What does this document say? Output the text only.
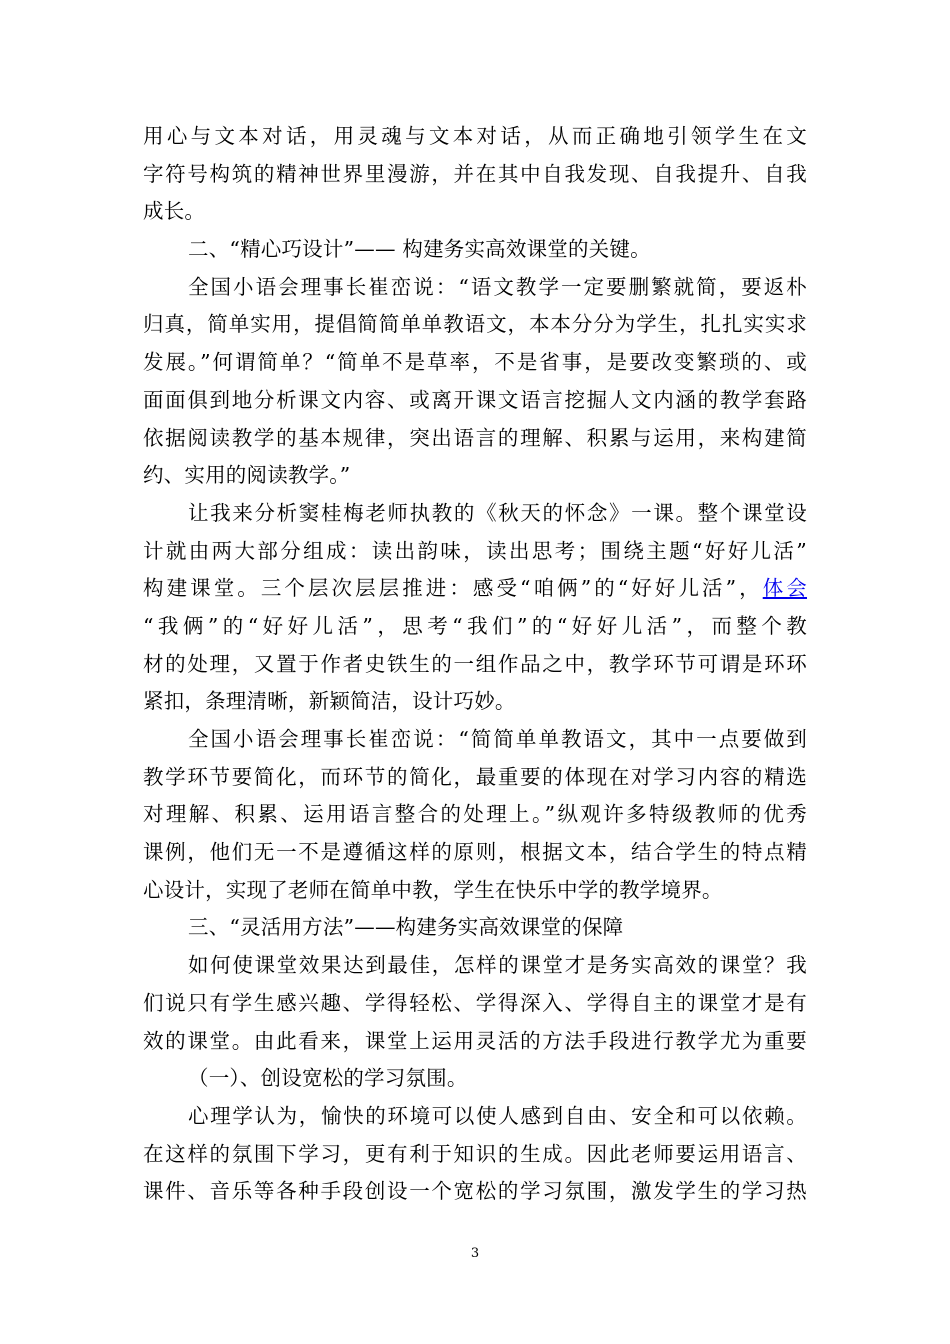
用心与文本对话，用灵魂与文本对话，从而正确地引领学生在文
字符号构筑的精神世界里漫游，并在其中自我发现、自我提升、自我
成长。
二、“精心巧设计”—— 构建务实高效课堂的关键。
全国小语会理事长崔峦说：“语文教学一定要删繁就简，要返朴
归真，简单实用，提倡简简单单教语文，本本分分为学生，扎扎实实求
发展。”何谓简单？“简单不是草率，不是省事，是要改变繁琐的、或
面面俱到地分析课文内容、或离开课文语言挖掘人文内涵的教学套路
依据阅读教学的基本规律，突出语言的理解、积累与运用，来构建简
约、实用的阅读教学。”
让我来分析窦桂梅老师执教的《秋天的怀念》一课。整个课堂设
计就由两大部分组成：读出韵味，读出思考；围绕主题“好好儿活”
构建课堂。三个层次层层推进：感受“咱俩”的“好好儿活”，体会
“我俩”的“好好儿活”，思考“我们”的“好好儿活”，而整个教
材的处理，又置于作者史铁生的一组作品之中，教学环节可谓是环环
紧扣，条理清晰，新颖简洁，设计巧妙。
全国小语会理事长崔峦说：“简简单单教语文，其中一点要做到
教学环节要简化，而环节的简化，最重要的体现在对学习内容的精选
对理解、积累、运用语言整合的处理上。”纵观许多特级教师的优秀
课例，他们无一不是遵循这样的原则，根据文本，结合学生的特点精
心设计，实现了老师在简单中教，学生在快乐中学的教学境界。
三、“灵活用方法”——构建务实高效课堂的保障
如何使课堂效果达到最佳，怎样的课堂才是务实高效的课堂？我
们说只有学生感兴趣、学得轻松、学得深入、学得自主的课堂才是有
效的课堂。由此看来，课堂上运用灵活的方法手段进行教学尤为重要
（一）、创设宽松的学习氛围。
心理学认为，愉快的环境可以使人感到自由、安全和可以依赖。
在这样的氛围下学习，更有利于知识的生成。因此老师要运用语言、
课件、音乐等各种手段创设一个宽松的学习氛围，激发学生的学习热
3
